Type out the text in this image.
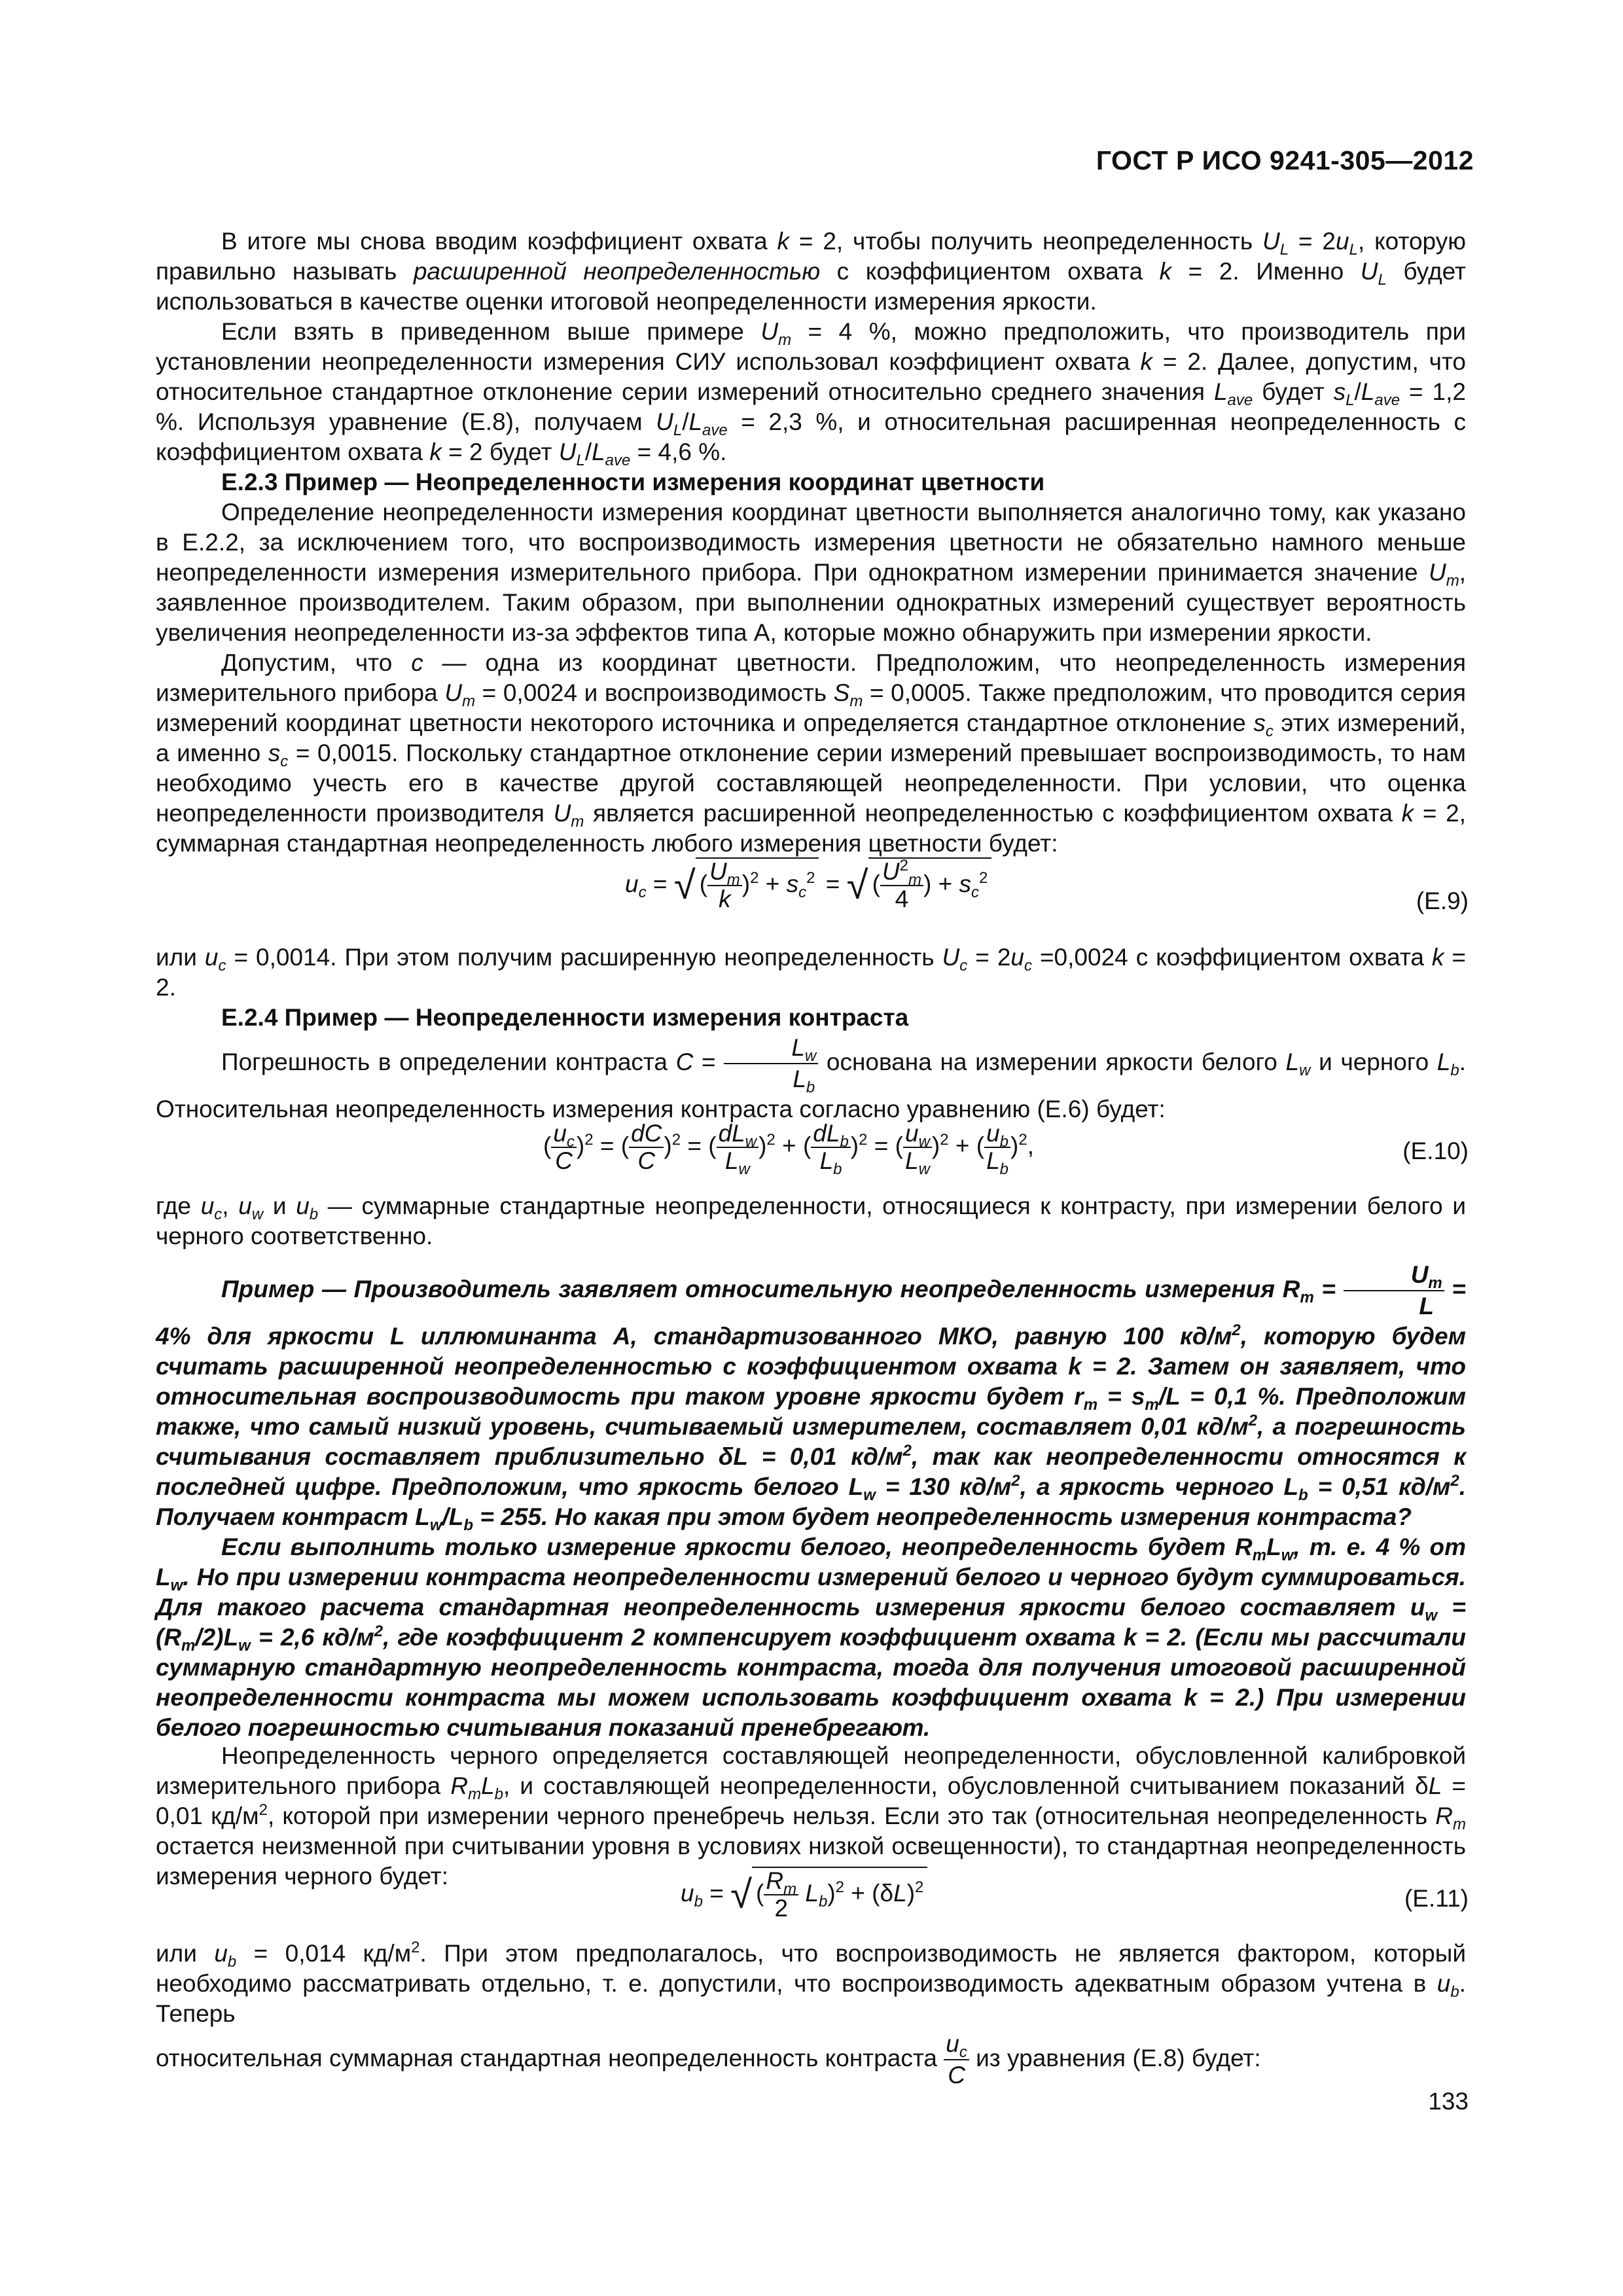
ГОСТ Р ИСО 9241-305—2012

В итоге мы снова вводим коэффициент охвата k = 2, чтобы получить неопределенность $U_L = 2u_L$, которую правильно называть расширенной неопределенностью с коэффициентом охвата k = 2. Именно $U_L$ будет использоваться в качестве оценки итоговой неопределенности измерения яркости.

Если взять в приведенном выше примере $U_m = 4$ %, можно предположить, что производитель при установлении неопределенности измерения СИУ использовал коэффициент охвата k = 2. Далее, допустим, что относительное стандартное отклонение серии измерений относительно среднего значения $L_{ave}$ будет $s_L/L_{ave} = 1,2$ %. Используя уравнение (Е.8), получаем $U_L/L_{ave} = 2,3$ %, и относительная расширенная неопределенность с коэффициентом охвата k = 2 будет $U_L/L_{ave} = 4,6$ %.

Е.2.3 Пример — Неопределенности измерения координат цветности

Определение неопределенности измерения координат цветности выполняется аналогично тому, как указано в Е.2.2, за исключением того, что воспроизводимость измерения цветности не обязательно намного меньше неопределенности измерения измерительного прибора. При однократном измерении принимается значение $U_m$, заявленное производителем. Таким образом, при выполнении однократных измерений существует вероятность увеличения неопределенности из-за эффектов типа А, которые можно обнаружить при измерении яркости.

Допустим, что c — одна из координат цветности. Предположим, что неопределенность измерения измерительного прибора $U_m = 0,0024$ и воспроизводимость $S_m = 0,0005$. Также предположим, что проводится серия измерений координат цветности некоторого источника и определяется стандартное отклонение $s_c$ этих измерений, а именно $s_c = 0,0015$. Поскольку стандартное отклонение серии измерений превышает воспроизводимость, то нам необходимо учесть его в качестве другой составляющей неопределенности. При условии, что оценка неопределенности производителя $U_m$ является расширенной неопределенностью с коэффициентом охвата k = 2, суммарная стандартная неопределенность любого измерения цветности будет:

$u_c$ = √ ( $\frac{U_m}{k} )^2 + s_c^2$ = √ ( $\frac{U^2_m}{4}$ ) + $s_c^2$
(Е.9)

или $u_c = 0,0014$. При этом получим расширенную неопределенность $U_c = 2u_c =0,0024$ с коэффициентом охвата k = 2.

Е.2.4 Пример — Неопределенности измерения контраста

Погрешность в определении контраста $C = \frac{L_w}{L_b}$ основана на измерении яркости белого $L_w$ и черного $L_b$. Относительная неопределенность измерения контраста согласно уравнению (Е.6) будет:

( $\frac{u_c}{C} )^2$ = ( $\frac{dC}{C} )^2$ = ( $\frac{dL_w}{L_w} )^2$ + ( $\frac{dL_b}{L_b} )^2$ = ( $\frac{u_w}{L_w} )^2$ + ( $\frac{u_b}{L_b} )^2$,	(Е.10)

где $u_c$, $u_w$ и $u_b$ — суммарные стандартные неопределенности, относящиеся к контрасту, при измерении белого и черного соответственно.

Пример — Производитель заявляет относительную неопределенность измерения $R_m = \frac{U_m}{L} = 4\%$ для яркости L иллюминанта А, стандартизованного МКО, равную 100 $кд/м^2$, которую будем считать расширенной неопределенностью с коэффициентом охвата k = 2. Затем он заявляет, что относительная воспроизводимость при таком уровне яркости будет $r_m = s_m/L = 0,1$ %. Предположим также, что самый низкий уровень, считываемый измерителем, составляет 0,01 $кд/м^2$, а погрешность считывания составляет приблизительно δL = 0,01 $кд/м^2$, так как неопределенности относятся к последней цифре. Предположим, что яркость белого $L_w = 130$ $кд/м^2$, а яркость черного $L_b = 0,51$ $кд/м^2$. Получаем контраст $L_w/L_b = 255$. Но какая при этом будет неопределенность измерения контраста?

Если выполнить только измерение яркости белого, неопределенность будет $R_mL_w$, т. е. 4 % от $L_w$. Но при измерении контраста неопределенности измерений белого и черного будут суммироваться. Для такого расчета стандартная неопределенность измерения яркости белого составляет $u_w = (R_m/2)L_w = 2,6$ $кд/м^2$, где коэффициент 2 компенсирует коэффициент охвата k = 2. (Если мы рассчитали суммарную стандартную неопределенность контраста, тогда для получения итоговой расширенной неопределенности контраста мы можем использовать коэффициент охвата k = 2.) При измерении белого погрешностью считывания показаний пренебрегают.

Неопределенность черного определяется составляющей неопределенности, обусловленной калибровкой измерительного прибора $R_mL_b$, и составляющей неопределенности, обусловленной считыванием показаний δL = 0,01 $кд/м^2$, которой при измерении черного пренебречь нельзя. Если это так (относительная неопределенность $R_m$ остается неизменной при считывании уровня в условиях низкой освещенности), то стандартная неопределенность измерения черного будет:

$u_b$ = √ ( $\frac{R_m}{2} L_b)^2 + (\delta L)^2$	(Е.11)

или $u_b = 0,014$ $кд/м^2$. При этом предполагалось, что воспроизводимость не является фактором, который необходимо рассматривать отдельно, т. е. допустили, что воспроизводимость адекватным образом учтена в $u_b$. Теперь

относительная суммарная стандартная неопределенность контраста $\frac{u_c}{C}$ из уравнения (Е.8) будет:

133
